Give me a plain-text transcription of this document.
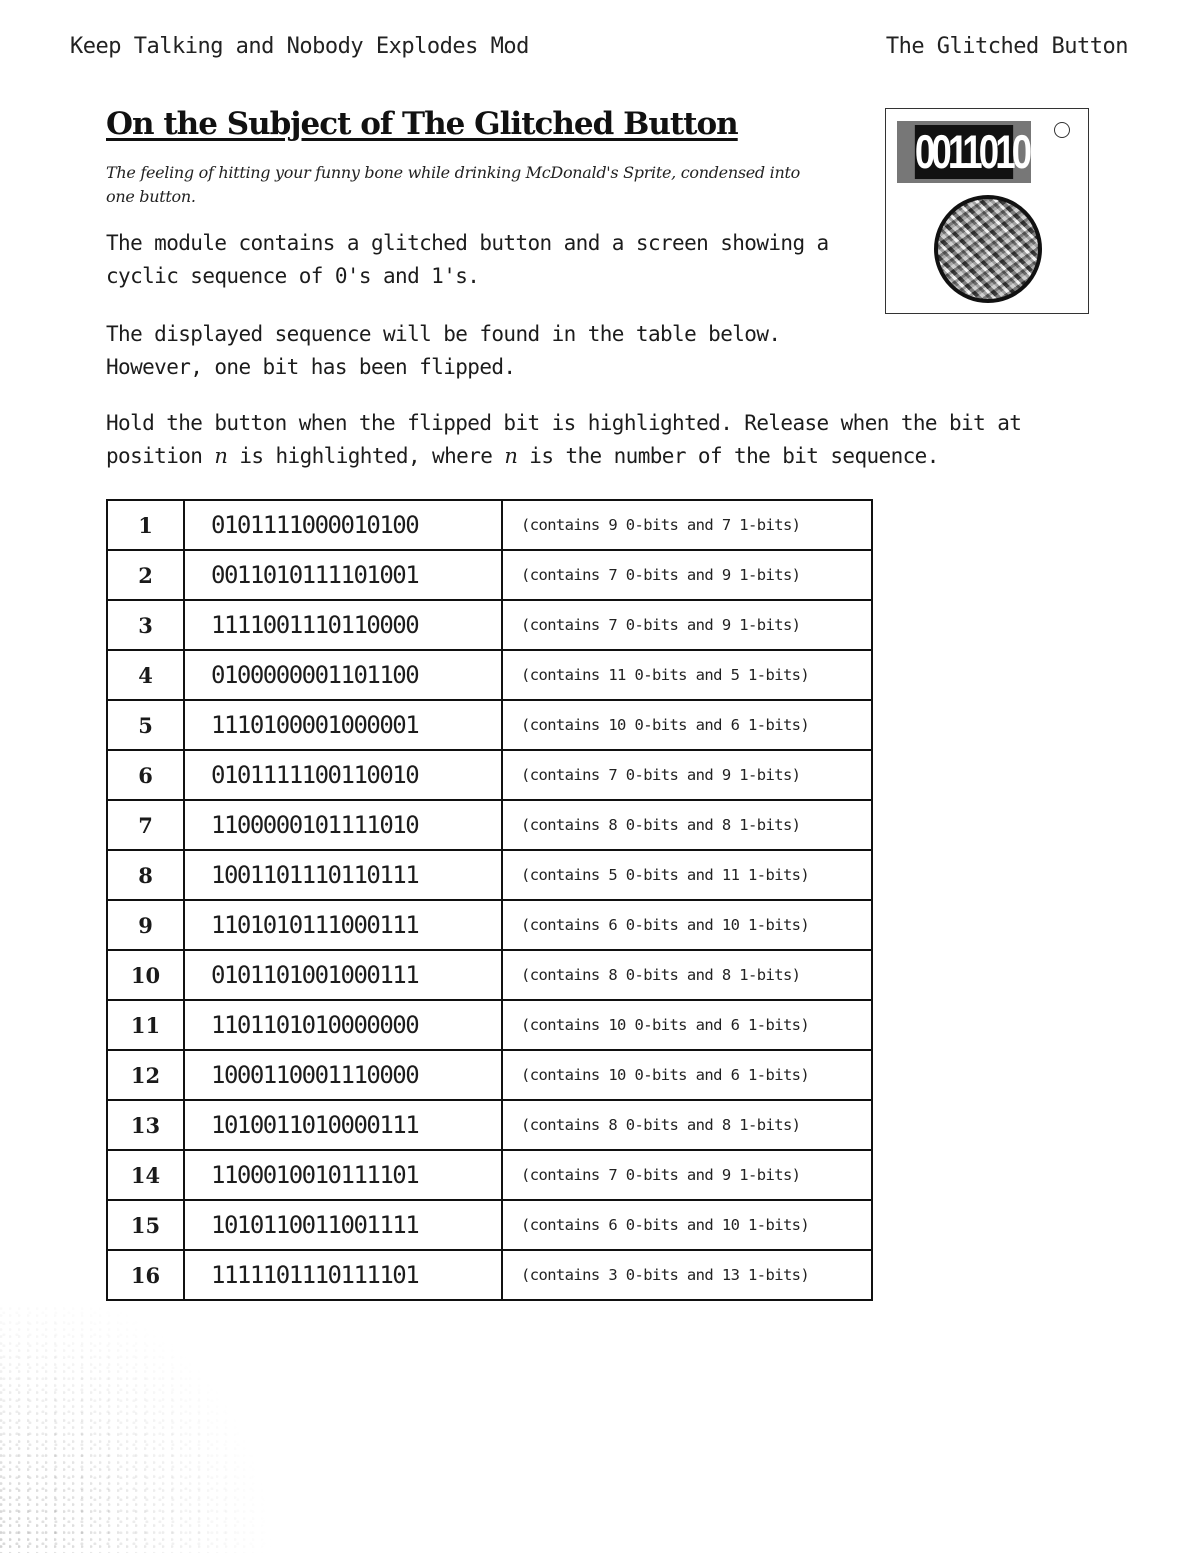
Keep Talking and Nobody Explodes Mod	The Glitched Button
On the Subject of The Glitched Button
The feeling of hitting your funny bone while drinking McDonald's Sprite, condensed into one button.

The module contains a glitched button and a screen showing a cyclic sequence of 0's and 1's.

The displayed sequence will be found in the table below. However, one bit has been flipped.

Hold the button when the flipped bit is highlighted. Release when the bit at position n is highlighted, where n is the number of the bit sequence.

0011010
1	0101111000010100	(contains 9 0-bits and 7 1-bits)
2	0011010111101001	(contains 7 0-bits and 9 1-bits)
3	1111001110110000	(contains 7 0-bits and 9 1-bits)
4	0100000001101100	(contains 11 0-bits and 5 1-bits)
5	1110100001000001	(contains 10 0-bits and 6 1-bits)
6	0101111100110010	(contains 7 0-bits and 9 1-bits)
7	1100000101111010	(contains 8 0-bits and 8 1-bits)
8	1001101110110111	(contains 5 0-bits and 11 1-bits)
9	1101010111000111	(contains 6 0-bits and 10 1-bits)
10	0101101001000111	(contains 8 0-bits and 8 1-bits)
11	1101101010000000	(contains 10 0-bits and 6 1-bits)
12	1000110001110000	(contains 10 0-bits and 6 1-bits)
13	1010011010000111	(contains 8 0-bits and 8 1-bits)
14	1100010010111101	(contains 7 0-bits and 9 1-bits)
15	1010110011001111	(contains 6 0-bits and 10 1-bits)
16	1111101110111101	(contains 3 0-bits and 13 1-bits)
